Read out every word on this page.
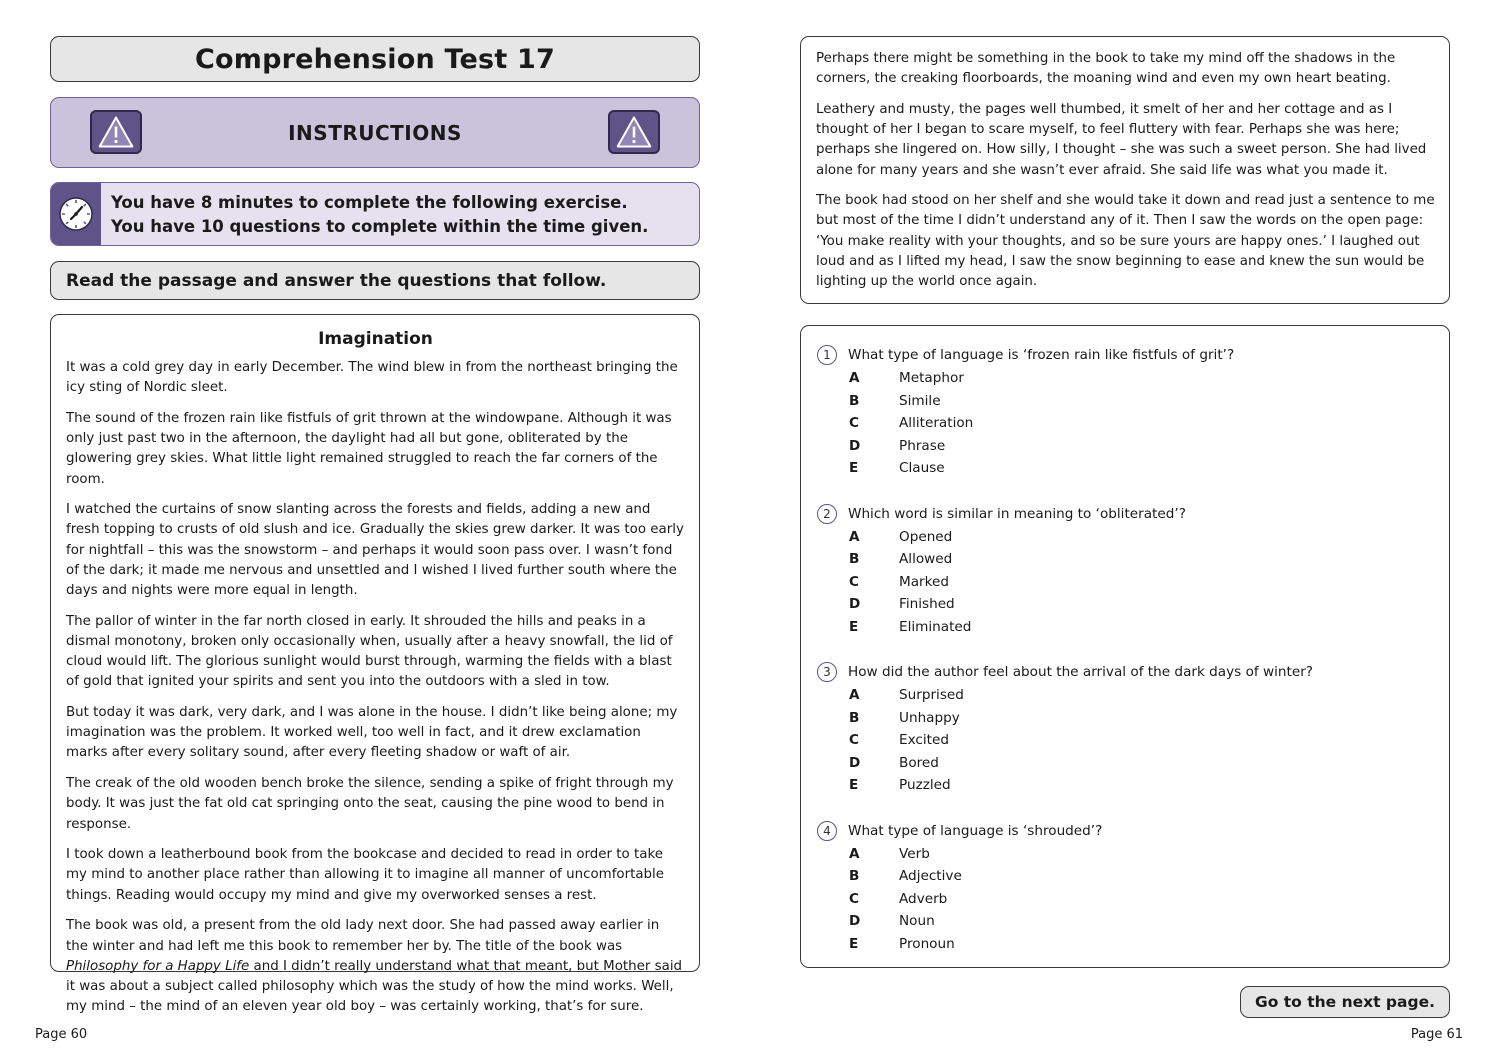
Comprehension Test 17
INSTRUCTIONS
You have 8 minutes to complete the following exercise.
You have 10 questions to complete within the time given.
Read the passage and answer the questions that follow.
Imagination

It was a cold grey day in early December. The wind blew in from the northeast bringing the icy sting of Nordic sleet.

The sound of the frozen rain like fistfuls of grit thrown at the windowpane. Although it was only just past two in the afternoon, the daylight had all but gone, obliterated by the glowering grey skies. What little light remained struggled to reach the far corners of the room.

I watched the curtains of snow slanting across the forests and fields, adding a new and fresh topping to crusts of old slush and ice. Gradually the skies grew darker. It was too early for nightfall – this was the snowstorm – and perhaps it would soon pass over. I wasn’t fond of the dark; it made me nervous and unsettled and I wished I lived further south where the days and nights were more equal in length.

The pallor of winter in the far north closed in early. It shrouded the hills and peaks in a dismal monotony, broken only occasionally when, usually after a heavy snowfall, the lid of cloud would lift. The glorious sunlight would burst through, warming the fields with a blast of gold that ignited your spirits and sent you into the outdoors with a sled in tow.

But today it was dark, very dark, and I was alone in the house. I didn’t like being alone; my imagination was the problem. It worked well, too well in fact, and it drew exclamation marks after every solitary sound, after every fleeting shadow or waft of air.

The creak of the old wooden bench broke the silence, sending a spike of fright through my body. It was just the fat old cat springing onto the seat, causing the pine wood to bend in response.

I took down a leatherbound book from the bookcase and decided to read in order to take my mind to another place rather than allowing it to imagine all manner of uncomfortable things. Reading would occupy my mind and give my overworked senses a rest.

The book was old, a present from the old lady next door. She had passed away earlier in the winter and had left me this book to remember her by. The title of the book was Philosophy for a Happy Life and I didn’t really understand what that meant, but Mother said it was about a subject called philosophy which was the study of how the mind works. Well, my mind – the mind of an eleven year old boy – was certainly working, that’s for sure.

Page 60

Perhaps there might be something in the book to take my mind off the shadows in the corners, the creaking floorboards, the moaning wind and even my own heart beating.

Leathery and musty, the pages well thumbed, it smelt of her and her cottage and as I thought of her I began to scare myself, to feel fluttery with fear. Perhaps she was here; perhaps she lingered on. How silly, I thought – she was such a sweet person. She had lived alone for many years and she wasn’t ever afraid. She said life was what you made it.

The book had stood on her shelf and she would take it down and read just a sentence to me but most of the time I didn’t understand any of it. Then I saw the words on the open page: ‘You make reality with your thoughts, and so be sure yours are happy ones.’ I laughed out loud and as I lifted my head, I saw the snow beginning to ease and knew the sun would be lighting up the world once again.

1	What type of language is ‘frozen rain like fistfuls of grit’?
A	Metaphor
B	Simile
C	Alliteration
D	Phrase
E	Clause
2	Which word is similar in meaning to ‘obliterated’?
A	Opened
B	Allowed
C	Marked
D	Finished
E	Eliminated
3	How did the author feel about the arrival of the dark days of winter?
A	Surprised
B	Unhappy
C	Excited
D	Bored
E	Puzzled
4	What type of language is ‘shrouded’?
A	Verb
B	Adjective
C	Adverb
D	Noun
E	Pronoun
Go to the next page.
Page 61
